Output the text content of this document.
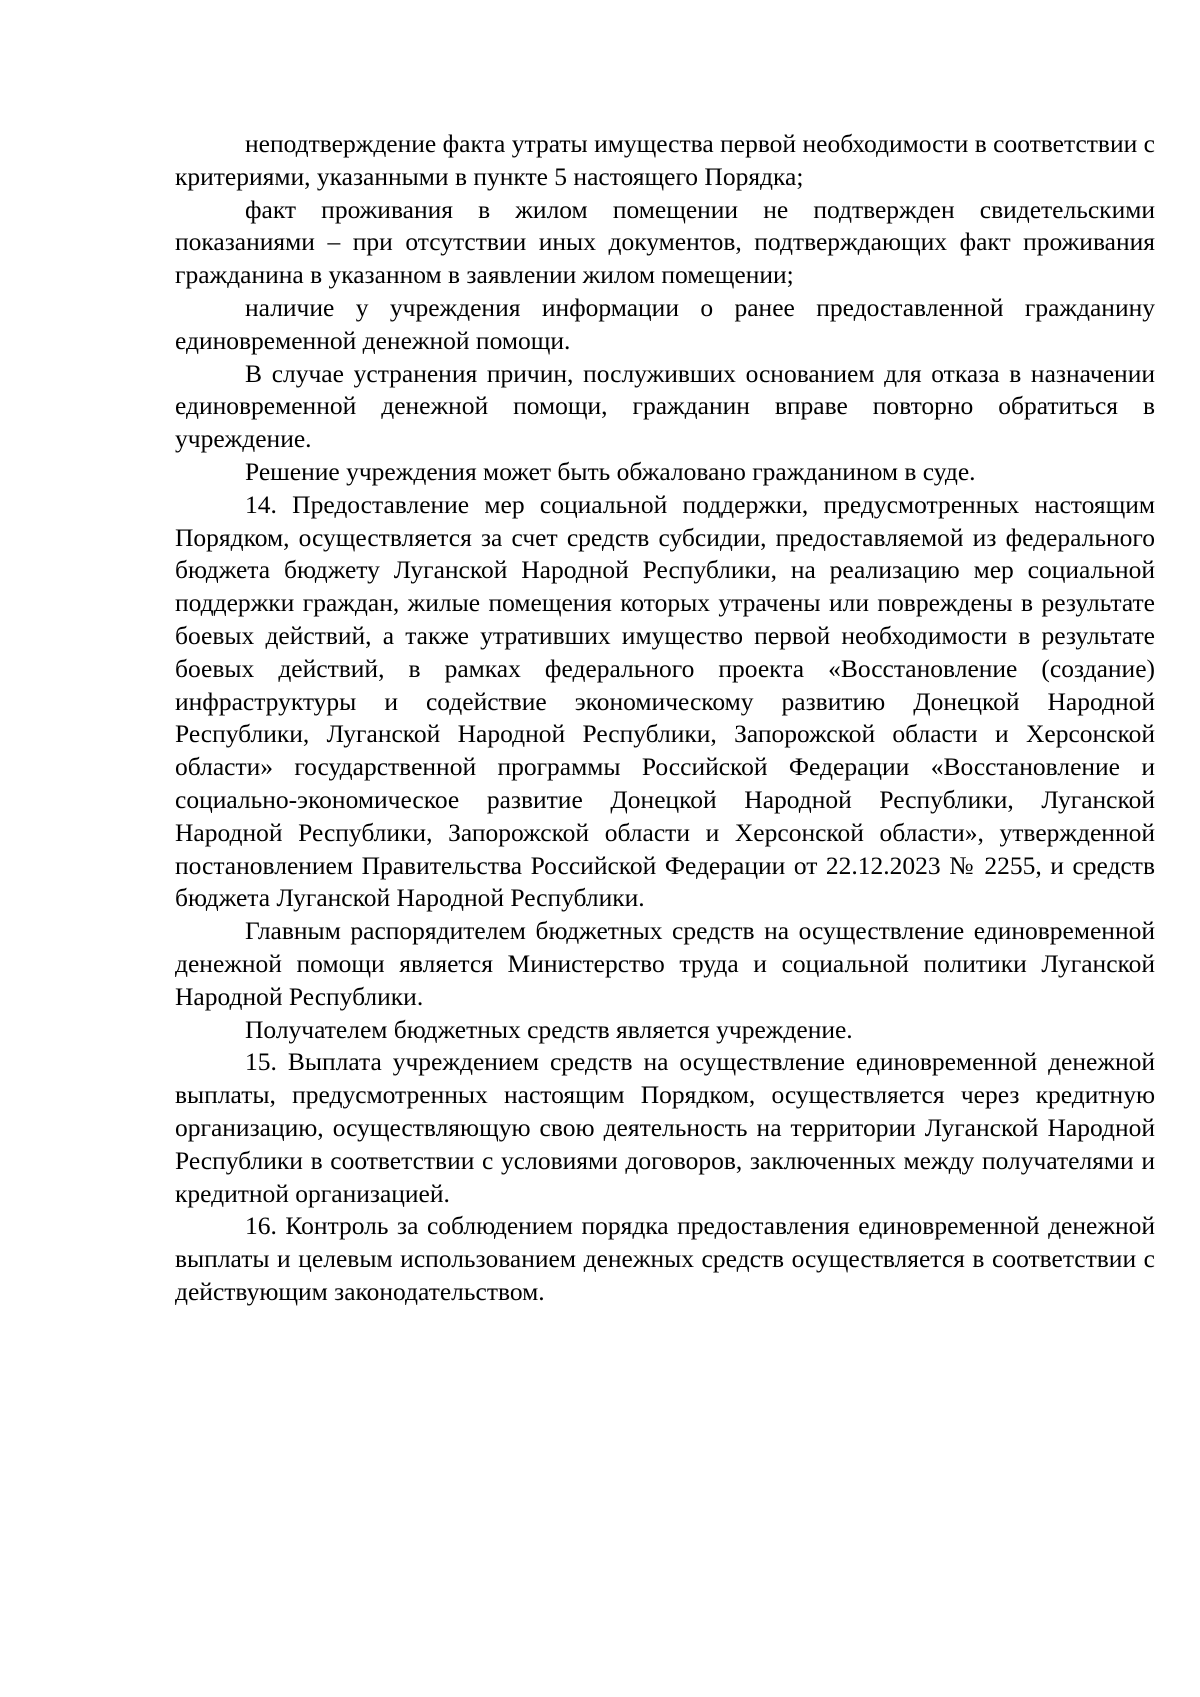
неподтверждение факта утраты имущества первой необходимости в соответствии с критериями, указанными в пункте 5 настоящего Порядка;

факт проживания в жилом помещении не подтвержден свидетельскими показаниями – при отсутствии иных документов, подтверждающих факт проживания гражданина в указанном в заявлении жилом помещении;

наличие у учреждения информации о ранее предоставленной гражданину единовременной денежной помощи.

В случае устранения причин, послуживших основанием для отказа в назначении единовременной денежной помощи, гражданин вправе повторно обратиться в учреждение.

Решение учреждения может быть обжаловано гражданином в суде.

14. Предоставление мер социальной поддержки, предусмотренных настоящим Порядком, осуществляется за счет средств субсидии, предоставляемой из федерального бюджета бюджету Луганской Народной Республики, на реализацию мер социальной поддержки граждан, жилые помещения которых утрачены или повреждены в результате боевых действий, а также утративших имущество первой необходимости в результате боевых действий, в рамках федерального проекта «Восстановление (создание) инфраструктуры и содействие экономическому развитию Донецкой Народной Республики, Луганской Народной Республики, Запорожской области и Херсонской области» государственной программы Российской Федерации «Восстановление и социально-экономическое развитие Донецкой Народной Республики, Луганской Народной Республики, Запорожской области и Херсонской области», утвержденной постановлением Правительства Российской Федерации от 22.12.2023 № 2255, и средств бюджета Луганской Народной Республики.

Главным распорядителем бюджетных средств на осуществление единовременной денежной помощи является Министерство труда и социальной политики Луганской Народной Республики.

Получателем бюджетных средств является учреждение.

15. Выплата учреждением средств на осуществление единовременной денежной выплаты, предусмотренных настоящим Порядком, осуществляется через кредитную организацию, осуществляющую свою деятельность на территории Луганской Народной Республики в соответствии с условиями договоров, заключенных между получателями и кредитной организацией.

16. Контроль за соблюдением порядка предоставления единовременной денежной выплаты и целевым использованием денежных средств осуществляется в соответствии с действующим законодательством.
